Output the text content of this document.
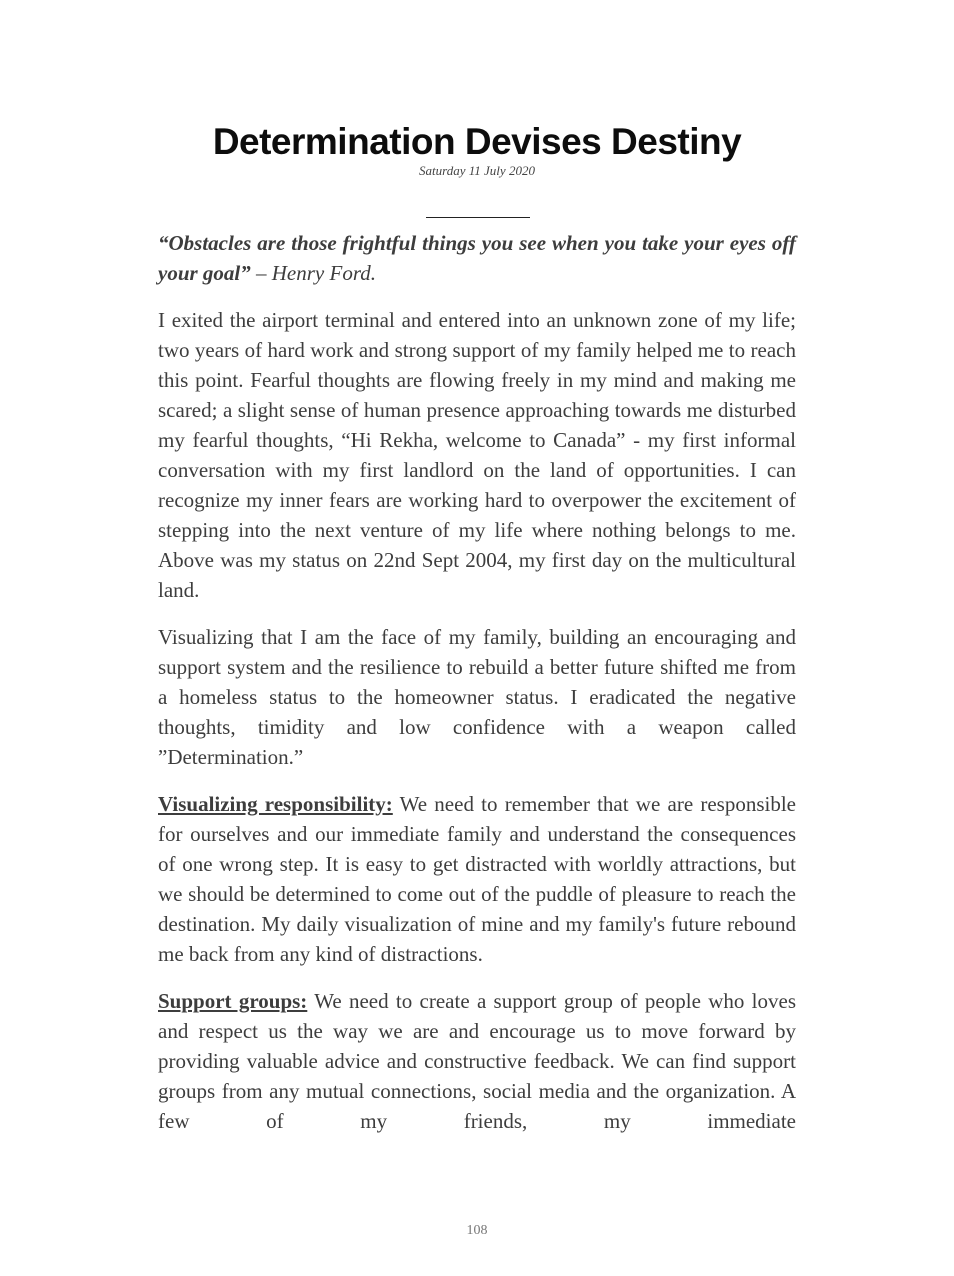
Determination Devises Destiny
Saturday 11 July 2020

“Obstacles are those frightful things you see when you take your eyes off your goal” – Henry Ford.

I exited the airport terminal and entered into an unknown zone of my life; two years of hard work and strong support of my family helped me to reach this point. Fearful thoughts are flowing freely in my mind and making me scared; a slight sense of human presence approaching towards me disturbed my fearful thoughts, “Hi Rekha, welcome to Canada” - my first informal conversation with my first landlord on the land of opportunities. I can recognize my inner fears are working hard to overpower the excitement of stepping into the next venture of my life where nothing belongs to me. Above was my status on 22nd Sept 2004, my first day on the multicultural land.

Visualizing that I am the face of my family, building an encouraging and support system and the resilience to rebuild a better future shifted me from a homeless status to the homeowner status. I eradicated the negative thoughts, timidity and low confidence with a weapon called ”Determination.”

Visualizing responsibility: We need to remember that we are responsible for ourselves and our immediate family and understand the consequences of one wrong step. It is easy to get distracted with worldly attractions, but we should be determined to come out of the puddle of pleasure to reach the destination. My daily visualization of mine and my family's future rebound me back from any kind of distractions.

Support groups: We need to create a support group of people who loves and respect us the way we are and encourage us to move forward by providing valuable advice and constructive feedback. We can find support groups from any mutual connections, social media and the organization. A few of my friends, my immediate

108
